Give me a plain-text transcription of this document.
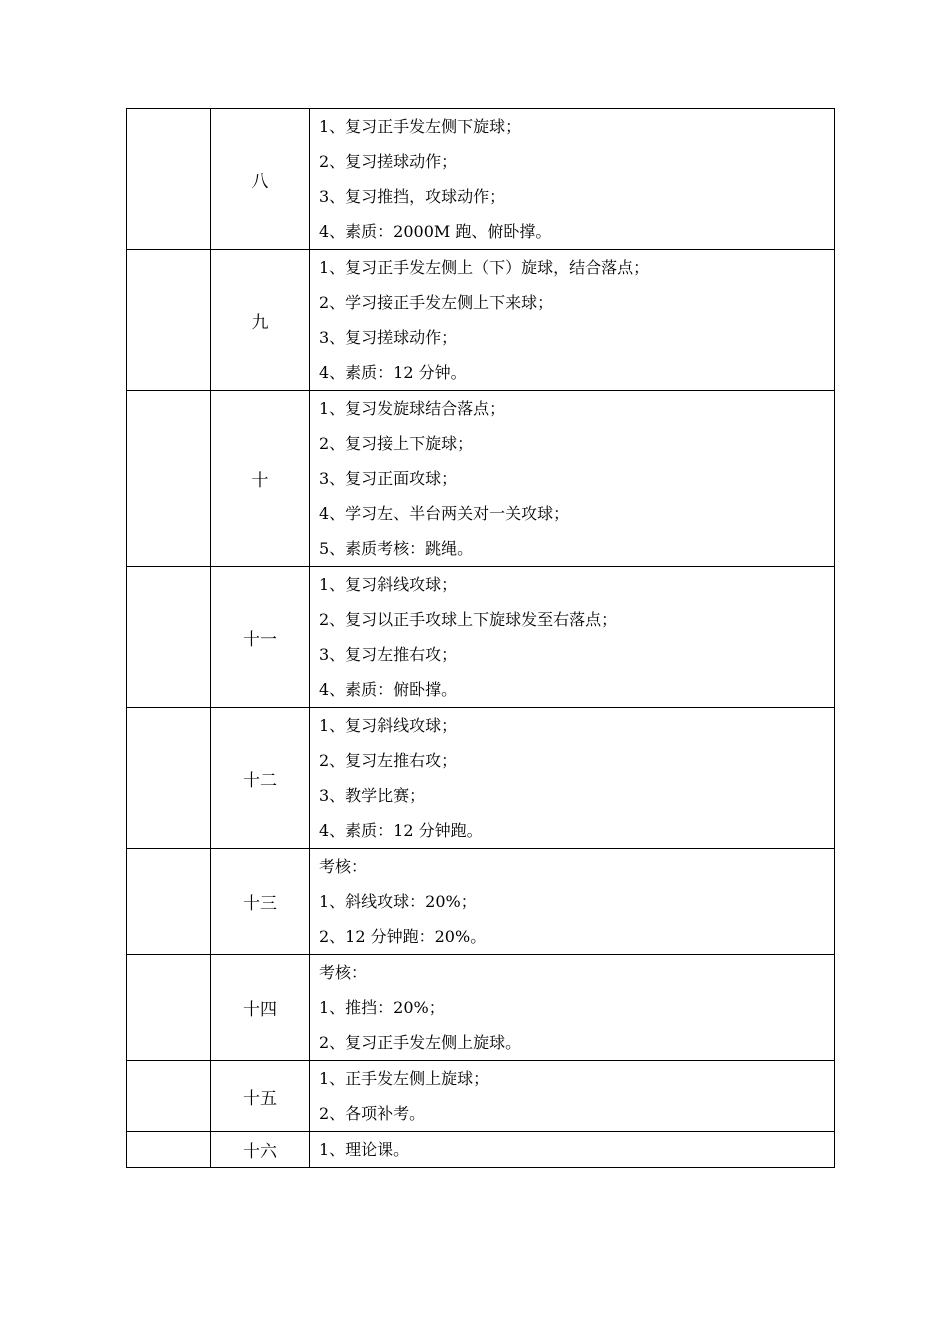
	八	1、复习正手发左侧下旋球；
2、复习搓球动作；
3、复习推挡，攻球动作；
4、素质：2000M 跑、俯卧撑。

	九	1、复习正手发左侧上（下）旋球，结合落点；
2、学习接正手发左侧上下来球；
3、复习搓球动作；
4、素质：12 分钟。

	十	1、复习发旋球结合落点；
2、复习接上下旋球；
3、复习正面攻球；
4、学习左、半台两关对一关攻球；
5、素质考核：跳绳。

	十一	1、复习斜线攻球；
2、复习以正手攻球上下旋球发至右落点；
3、复习左推右攻；
4、素质：俯卧撑。

	十二	1、复习斜线攻球；
2、复习左推右攻；
3、教学比赛；
4、素质：12 分钟跑。

	十三	考核：
1、斜线攻球：20%；
2、12 分钟跑：20%。

	十四	考核：
1、推挡：20%；
2、复习正手发左侧上旋球。

	十五	1、正手发左侧上旋球；
2、各项补考。

	十六	1、理论课。
